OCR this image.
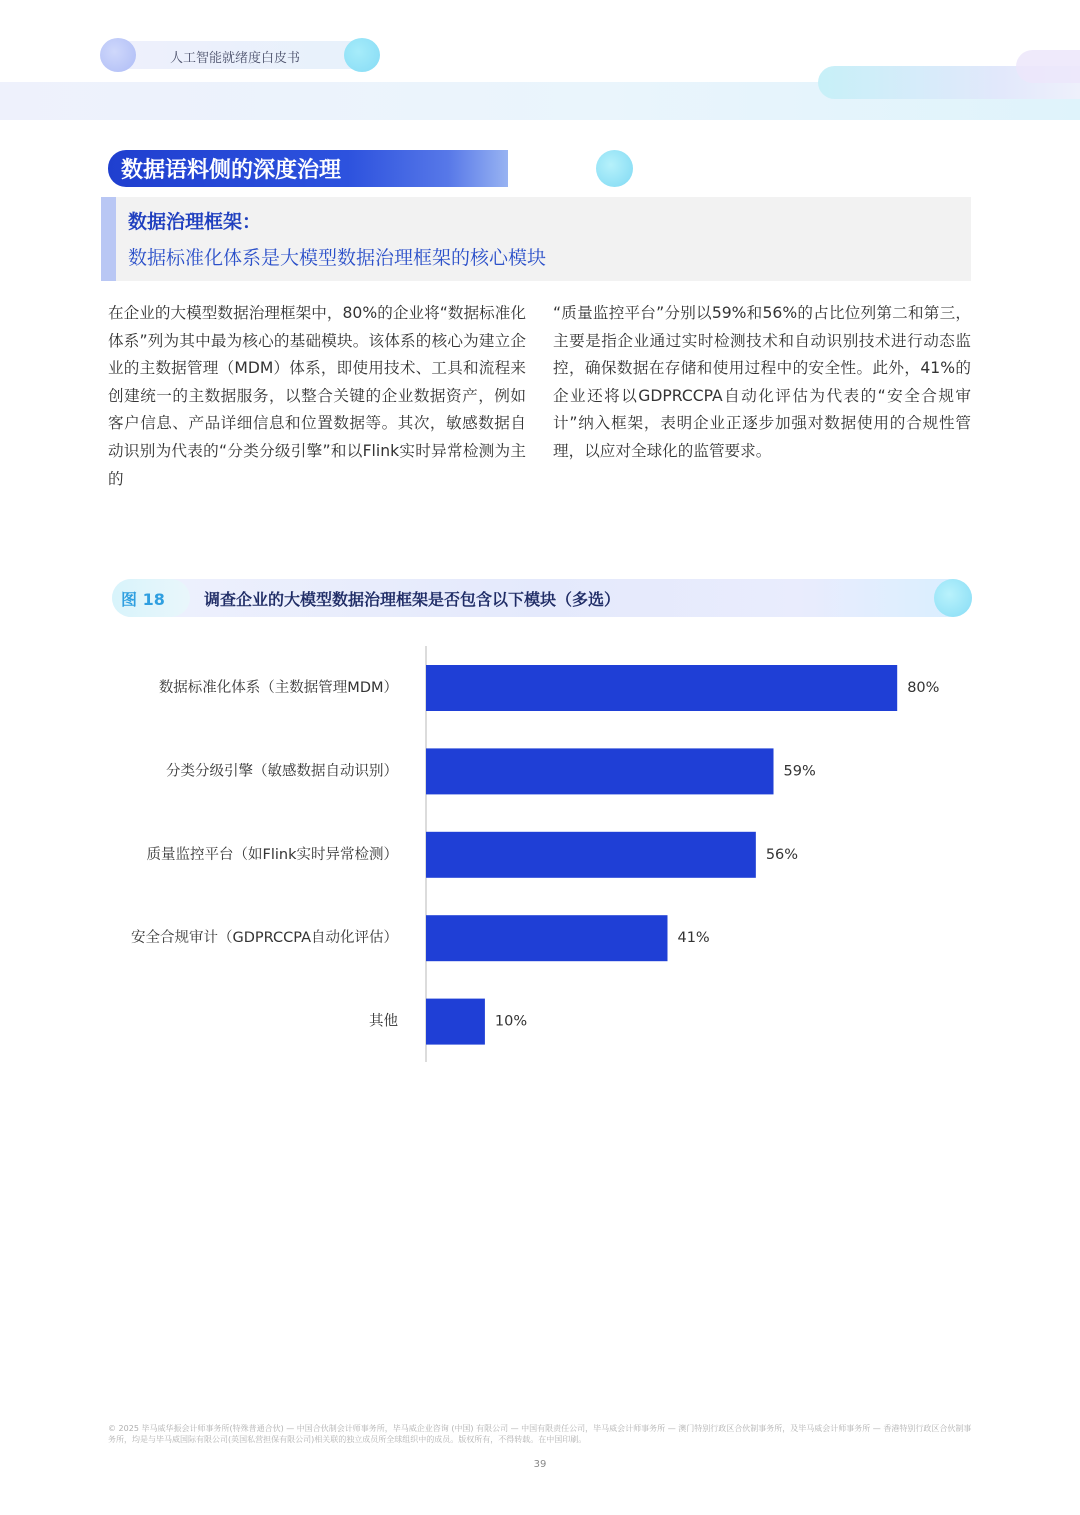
人工智能就绪度白皮书
数据语料侧的深度治理
数据治理框架：
数据标准化体系是大模型数据治理框架的核心模块

在企业的大模型数据治理框架中，80%的企业将“数据标准化体系”列为其中最为核心的基础模块。该体系的核心为建立企业的主数据管理（MDM）体系，即使用技术、工具和流程来创建统一的主数据服务，以整合关键的企业数据资产，例如客户信息、产品详细信息和位置数据等。其次，敏感数据自动识别为代表的“分类分级引擎”和以Flink实时异常检测为主的

“质量监控平台”分别以59%和56%的占比位列第二和第三，主要是指企业通过实时检测技术和自动识别技术进行动态监控，确保数据在存储和使用过程中的安全性。此外，41%的企业还将以GDPRCCPA自动化评估为代表的“安全合规审计”纳入框架，表明企业正逐步加强对数据使用的合规性管理，以应对全球化的监管要求。

图 18 调查企业的大模型数据治理框架是否包含以下模块（多选）
数据标准化体系（主数据管理MDM）	80%
分类分级引擎（敏感数据自动识别）	59%
质量监控平台（如Flink实时异常检测）	56%
安全合规审计（GDPRCCPA自动化评估）	41%
其他	10%

© 2025 毕马威华振会计师事务所(特殊普通合伙) — 中国合伙制会计师事务所，毕马威企业咨询 (中国) 有限公司 — 中国有限责任公司，毕马威会计师事务所 — 澳门特别行政区合伙制事务所，及毕马威会计师事务所 — 香港特别行政区合伙制事务所，均是与毕马威国际有限公司(英国私营担保有限公司)相关联的独立成员所全球组织中的成员。版权所有，不得转载。在中国印刷。

39
